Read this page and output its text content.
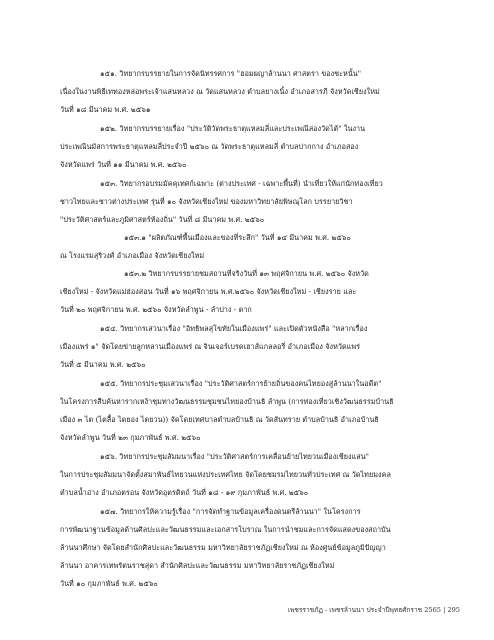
๑๕๑. วิทยากรบรรยายในการจัดนิทรรศการ "ฮอมผญาล้านนา ศาสตรา ของชะหนั้น"
เนื่องในงานพิธีเททองหล่อพระเจ้าแสนหลวง ณ วัดแสนหลวง ตำบลยางเนิ้ง อำเภอสารภี จังหวัดเชียงใหม่
วันที่ ๑๘ มีนาคม พ.ศ. ๒๕๖๑
๑๕๒. วิทยากรบรรยายเรื่อง "ประวัติวัดพระธาตุแหลมลี่และประเพณีล่องวัดไต้" ในงาน
ประเพณีนมัสการพระธาตุแหลมลี่ประจำปี ๒๕๖๐ ณ วัดพระธาตุแหลมลี่ ตำบลปากกาง อำเภอสอง
จังหวัดแพร่ วันที่ ๑๑ มีนาคม พ.ศ. ๒๕๖๐
๑๕๓. วิทยากรอบรมมัคคุเทศก์เฉพาะ (ต่างประเทศ - เฉพาะพื้นที่) นำเที่ยวให้แก่นักท่องเที่ยว
ชาวไทยและชาวต่างประเทศ รุ่นที่ ๑๐ จังหวัดเชียงใหม่ ของมหาวิทยาลัยพิษณุโลก บรรยายวิชา
"ประวัติศาสตร์และภูมิศาสตร์ท้องถิ่น" วันที่ ๘ มีนาคม พ.ศ. ๒๕๖๐
๑๕๓.๑ "ผลิตภัณฑ์พื้นเมืองและของที่ระลึก" วันที่ ๑๔ มีนาคม พ.ศ. ๒๕๖๐
ณ โรงแรมสุริวงศ์ อำเภอเมือง จังหวัดเชียงใหม่
๑๕๓.๒ วิทยากรบรรยายชมสถานที่จริงวันที่ ๑๓ พฤศจิกายน พ.ศ. ๒๕๖๐ จังหวัด
เชียงใหม่ - จังหวัดแม่ฮ่องสอน วันที่ ๑๖ พฤศจิกายน พ.ศ.๒๕๖๐ จังหวัดเชียงใหม่ - เชียงราย และ
วันที่ ๒๐ พฤศจิกายน พ.ศ. ๒๕๖๐ จังหวัดลำพูน - ลำปาง - ตาก
๑๕๔. วิทยากรเสวนาเรื่อง "อิทธิพลสุโขทัยในเมืองแพร่" และเปิดตัวหนังสือ "หลากเรื่อง
เมืองแพร่ ๑" จัดโดยข่ายลูกหลานเมืองแพร่ ณ จินเจอร์เบรดเฮาส์แกลลอรี่ อำเภอเมือง จังหวัดแพร่
วันที่ ๕ มีนาคม พ.ศ. ๒๕๖๐
๑๕๕. วิทยากรประชุมเสวนาเรื่อง "ประวัติศาสตร์การย้ายถิ่นของคนไทยองสู่ล้านนาในอดีต"
ในโครงการสืบค้นหารากเหง้าชุมทางวัฒนธรรมชุมชนไทยองบ้านธิ ลำพูน (การท่องเที่ยวเชิงวัฒนธรรมบ้านธิ
เมือง ๓ ไต (ไตลื้อ ไตยอง ไตยวน)) จัดโดยเทศบาลตำบลบ้านธิ ณ วัดสันทราย ตำบลบ้านธิ อำเภอบ้านธิ
จังหวัดลำพูน วันที่ ๒๓ กุมภาพันธ์ พ.ศ. ๒๕๖๐
๑๕๖. วิทยากรประชุมสัมมนาเรื่อง "ประวัติศาสตร์การเคลื่อนย้ายไทยวนเมืองเชียงแสน"
ในการประชุมสัมมนาจัดตั้งสมาพันธ์ไทยวนแห่งประเทศไทย จัดโดยชมรมไทยวนทั่วประเทศ ณ วัดไทยมงคล
ตำบลน้ำอ่าง อำเภอตรอน จังหวัดอุตรดิตถ์ วันที่ ๑๘ - ๑๙ กุมภาพันธ์ พ.ศ. ๒๕๖๐
๑๕๗. วิทยากรให้ความรู้เรื่อง "การจัดทำฐานข้อมูลเครื่องดนตรีล้านนา" ในโครงการ
การพัฒนาฐานข้อมูลด้านศิลปะและวัฒนธรรมและเอกสารโบราณ ในการนำชมและการจัดแสดงของสถาบัน
ล้านนาศึกษา จัดโดยสำนักศิลปะและวัฒนธรรม มหาวิทยาลัยราชภัฏเชียงใหม่ ณ ห้องศูนย์ข้อมูลภูมิปัญญา
ล้านนา อาคารเทพรัตนราชสุดา สำนักศิลปะและวัฒนธรรม มหาวิทยาลัยราชภัฏเชียงใหม่
วันที่ ๑๐ กุมภาพันธ์ พ.ศ. ๒๕๖๐
เพชรราชภัฏ - เพชรล้านนา ประจำปีพุทธศักราช 2565 | 295
